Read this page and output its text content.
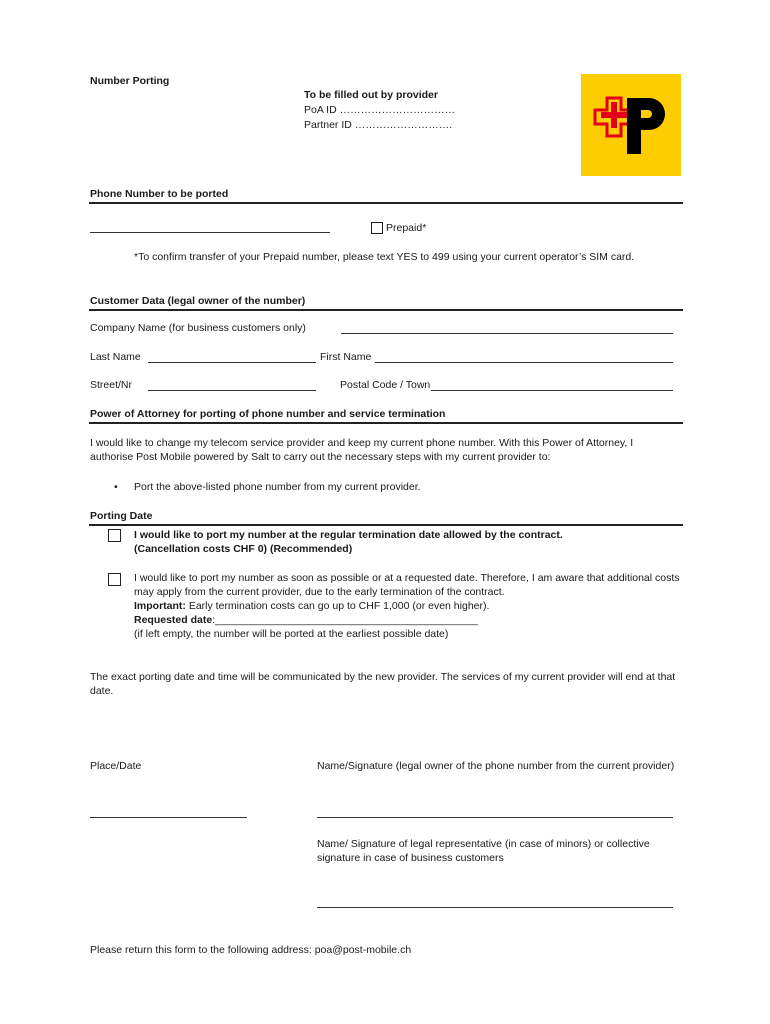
Number Porting
To be filled out by provider
PoA ID ……………………………
Partner ID ……………………….
Phone Number to be ported
Prepaid*
*To confirm transfer of your Prepaid number, please text YES to 499 using your current operator’s SIM card.
Customer Data (legal owner of the number)
Company Name (for business customers only)
Last Name	First Name
Street/Nr	Postal Code / Town
Power of Attorney for porting of phone number and service termination
I would like to change my telecom service provider and keep my current phone number. With this Power of Attorney, I
authorise Post Mobile powered by Salt to carry out the necessary steps with my current provider to:
• Port the above-listed phone number from my current provider.
Porting Date
I would like to port my number at the regular termination date allowed by the contract.
(Cancellation costs CHF 0) (Recommended)
I would like to port my number as soon as possible or at a requested date. Therefore, I am aware that additional costs
may apply from the current provider, due to the early termination of the contract.
Important: Early termination costs can go up to CHF 1,000 (or even higher).
Requested date:_____________________________________________
(if left empty, the number will be ported at the earliest possible date)
The exact porting date and time will be communicated by the new provider. The services of my current provider will end at that
date.
Place/Date	Name/Signature (legal owner of the phone number from the current provider)
Name/ Signature of legal representative (in case of minors) or collective
signature in case of business customers
Please return this form to the following address: poa@post-mobile.ch
